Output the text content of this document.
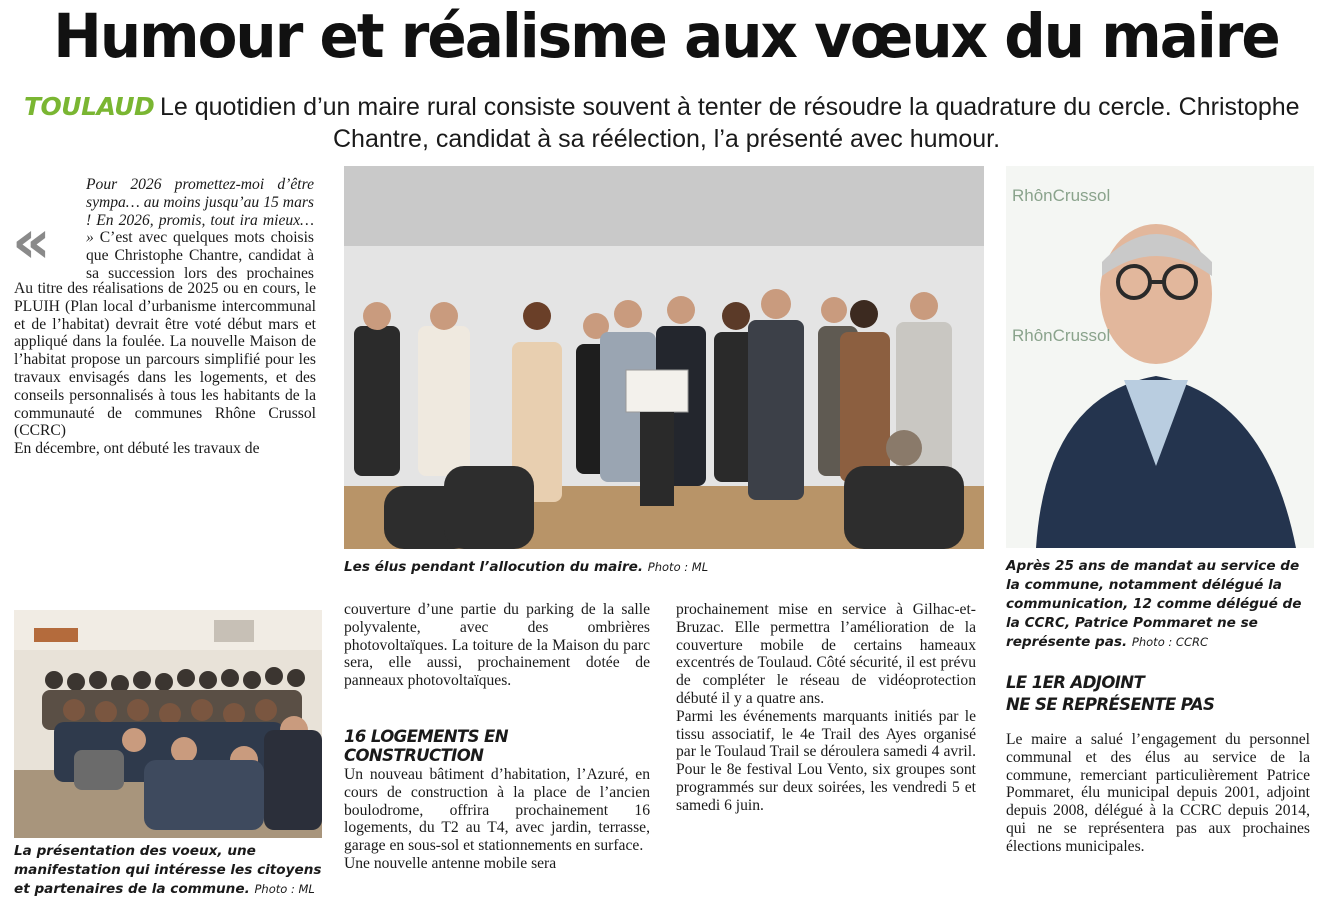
Humour et réalisme aux vœux du maire
TOULAUD Le quotidien d’un maire rural consiste souvent à tenter de résoudre la quadrature du cercle. Christophe
Chantre, candidat à sa réélection, l’a présenté avec humour.
«
Pour 2026 promettez-moi d’être sympa… au moins jusqu’au 15 mars ! En 2026, promis, tout ira mieux… » C’est avec quelques mots choisis que Christophe Chantre, candidat à sa succession lors des prochaines

Au titre des réalisations de 2025 ou en cours, le PLUIH (Plan local d’urbanisme intercommunal et de l’habitat) devrait être voté début mars et appliqué dans la foulée. La nouvelle Maison de l’habitat propose un parcours simplifié pour les travaux envisagés dans les logements, et des conseils personnalisés à tous les habitants de la communauté de communes Rhône Crussol (CCRC)

En décembre, ont débuté les travaux de

La présentation des voeux, une manifestation qui intéresse les citoyens et partenaires de la commune. Photo : ML
Les élus pendant l’allocution du maire. Photo : ML
couverture d’une partie du parking de la salle polyvalente, avec des ombrières photovoltaïques. La toiture de la Maison du parc sera, elle aussi, prochainement dotée de panneaux photovoltaïques.
16 LOGEMENTS EN CONSTRUCTION

Un nouveau bâtiment d’habitation, l’Azuré, en cours de construction à la place de l’ancien boulodrome, offrira prochainement 16 logements, du T2 au T4, avec jardin, terrasse, garage en sous-sol et stationnements en surface.

Une nouvelle antenne mobile sera

prochainement mise en service à Gilhac-et-Bruzac. Elle permettra l’amélioration de la couverture mobile de certains hameaux excentrés de Toulaud. Côté sécurité, il est prévu de compléter le réseau de vidéoprotection débuté il y a quatre ans.

Parmi les événements marquants initiés par le tissu associatif, le 4e Trail des Ayes organisé par le Toulaud Trail se déroulera samedi 4 avril. Pour le 8e festival Lou Vento, six groupes sont programmés sur deux soirées, les vendredi 5 et samedi 6 juin.

RhônCrussol
RhônCrussol
Après 25 ans de mandat au service de la commune, notamment délégué la communication, 12 comme délégué de la CCRC, Patrice Pommaret ne se représente pas. Photo : CCRC
LE 1ER ADJOINT
NE SE REPRÉSENTE PAS
Le maire a salué l’engagement du personnel communal et des élus au service de la commune, remerciant particulièrement Patrice Pommaret, élu municipal depuis 2001, adjoint depuis 2008, délégué à la CCRC depuis 2014, qui ne se représentera pas aux prochaines élections municipales.
